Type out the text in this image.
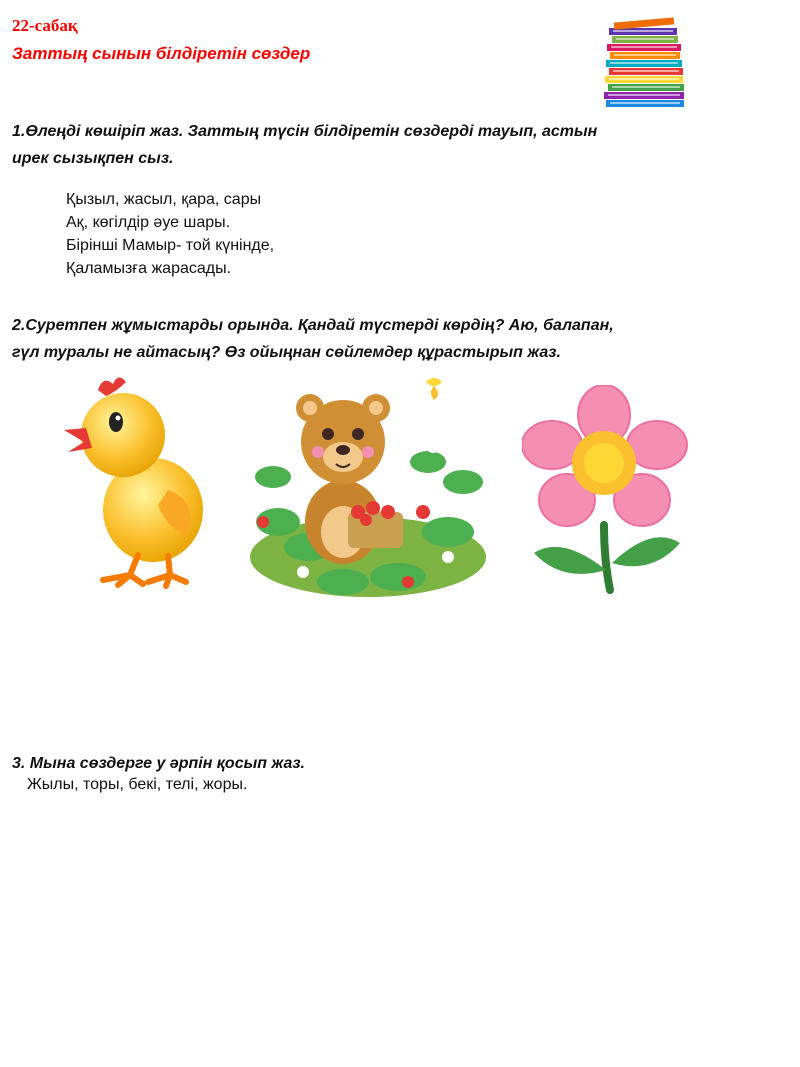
22-сабақ
Заттың сынын білдіретін сөздер
1.Өлеңді көшіріп жаз. Заттың түсін білдіретін сөздерді тауып, астын
ирек сызықпен сыз.
Қызыл, жасыл, қара, сары
Ақ, көгілдір әуе шары.
Бірінші Мамыр- той күнінде,
Қаламызға жарасады.
2.Суретпен жұмыстарды орында. Қандай түстерді көрдің? Аю, балапан,
гүл туралы не айтасың? Өз ойыңнан сөйлемдер құрастырып жаз.
3. Мына сөздерге у әрпін қосып жаз.
Жылы, торы, бекі, телі, жоры.
